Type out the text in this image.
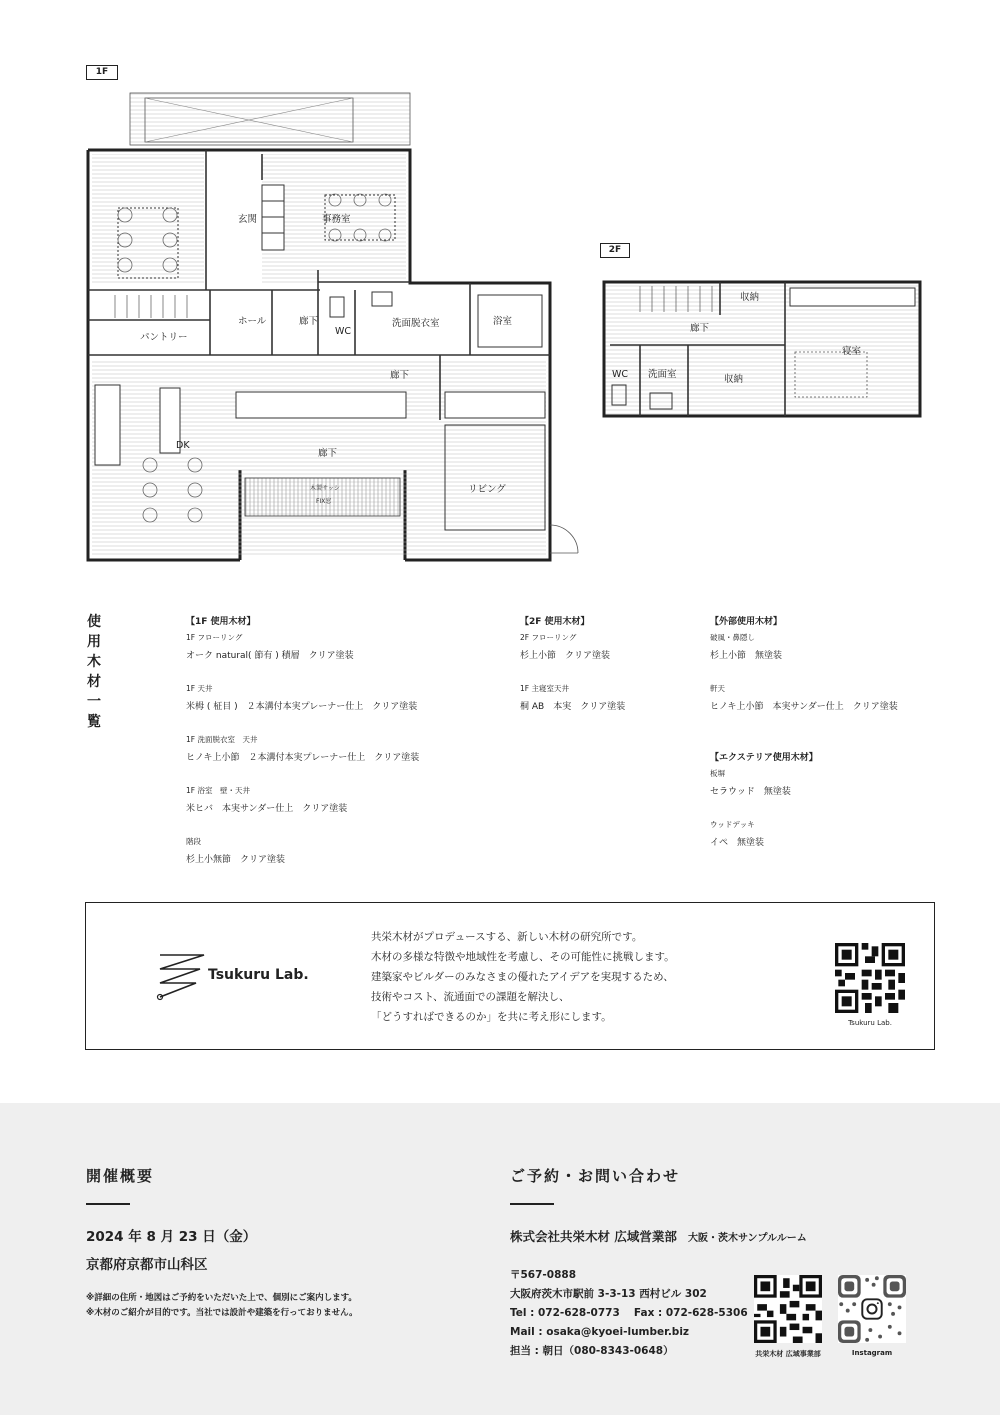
1F
2F
玄関	事務室
ホール	廊下
WC
洗面脱衣室	浴室
パントリー
廊下
DK
廊下
リビング
木製サッシ
FIX窓
収納
廊下
寝室
WC 洗面室	収納
使用木材一覧
【1F 使用木材】
1F フローリング
オーク natural( 節有 ) 積層　クリア塗装
1F 天井
米栂 ( 柾目 )　２本溝付本実プレーナー仕上　クリア塗装
1F 洗面脱衣室　天井
ヒノキ上小節　２本溝付本実プレーナー仕上　クリア塗装
1F 浴室　壁・天井
米ヒバ　本実サンダー仕上　クリア塗装
階段
杉上小無節　クリア塗装
【2F 使用木材】
2F フローリング
杉上小節　クリア塗装
1F 主寝室天井
桐 AB　本実　クリア塗装
【外部使用木材】
破風・鼻隠し
杉上小節　無塗装
軒天
ヒノキ上小節　本実サンダー仕上　クリア塗装
【エクステリア使用木材】
板塀
セラウッド　無塗装
ウッドデッキ
イペ　無塗装
Tsukuru Lab.
共栄木材がプロデュースする、新しい木材の研究所です。
木材の多様な特徴や地域性を考慮し、その可能性に挑戦します。
建築家やビルダーのみなさまの優れたアイデアを実現するため、
技術やコスト、流通面での課題を解決し、
「どうすればできるのか」を共に考え形にします。	Tsukuru Lab.
開催概要
2024 年 8 月 23 日（金）
京都府京都市山科区
※詳細の住所・地図はご予約をいただいた上で、個別にご案内します。
※木材のご紹介が目的です。当社では設計や建築を行っておりません。
ご予約・お問い合わせ
株式会社共栄木材 広域営業部 大阪・茨木サンプルルーム
〒567-0888
大阪府茨木市駅前 3-3-13 西村ビル 302
Tel : 072-628-0773　 Fax : 072-628-5306
Mail : osaka@kyoei-lumber.biz
担当 : 朝日（080-8343-0648）	共栄木材 広域事業部	Instagram
